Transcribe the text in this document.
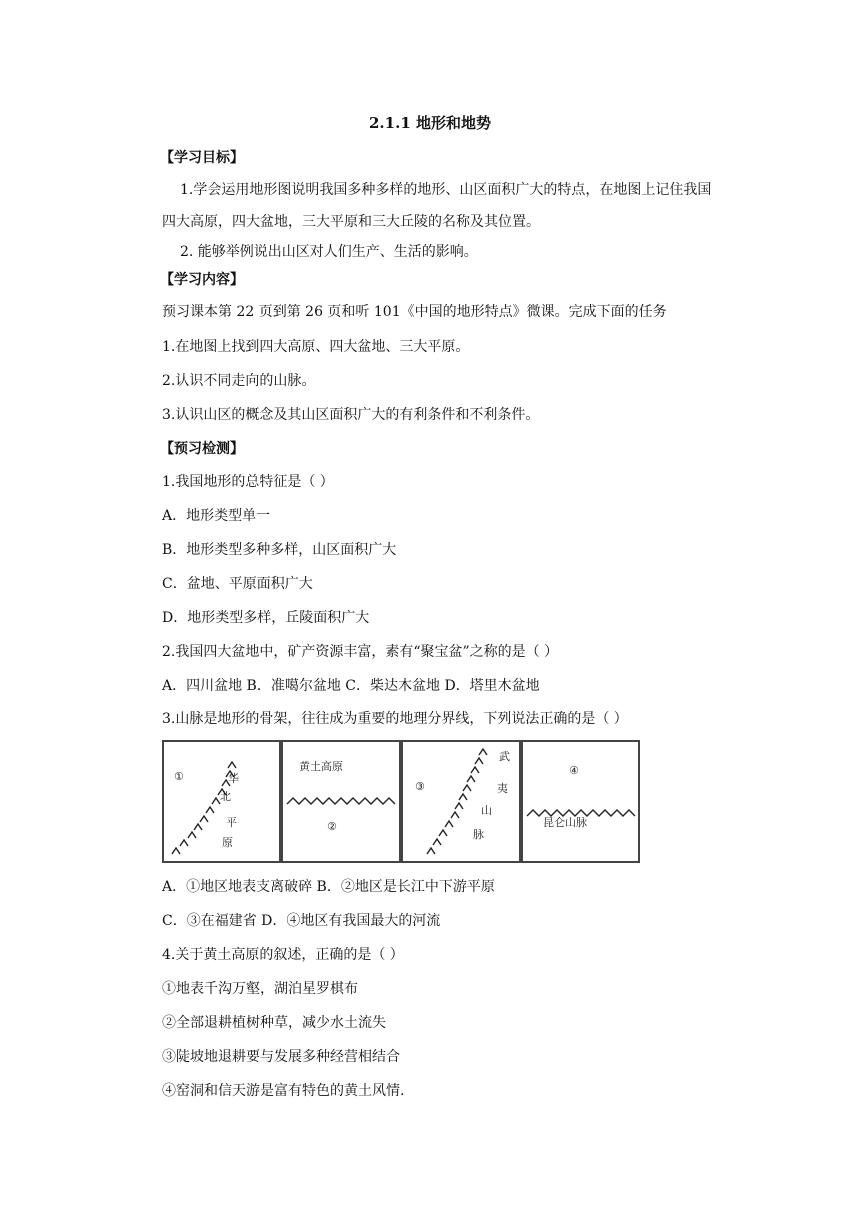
2.1.1 地形和地势
【学习目标】
1.学会运用地形图说明我国多种多样的地形、山区面积广大的特点，在地图上记住我国
四大高原，四大盆地，三大平原和三大丘陵的名称及其位置。
2. 能够举例说出山区对人们生产、生活的影响。
【学习内容】
预习课本第 22 页到第 26 页和听 101《中国的地形特点》微课。完成下面的任务
1.在地图上找到四大高原、四大盆地、三大平原。
2.认识不同走向的山脉。
3.认识山区的概念及其山区面积广大的有利条件和不利条件。
【预习检测】
1.我国地形的总特征是（ ）
A．地形类型单一
B．地形类型多种多样，山区面积广大
C．盆地、平原面积广大
D．地形类型多样，丘陵面积广大
2.我国四大盆地中，矿产资源丰富，素有“聚宝盆”之称的是（ ）
A．四川盆地 B．准噶尔盆地 C．柴达木盆地 D．塔里木盆地
3.山脉是地形的骨架，往往成为重要的地理分界线，下列说法正确的是（ ）
①	华
北
平
原
黄土高原
②
③
武
夷
山
脉
④
昆仑山脉
A．①地区地表支离破碎 B．②地区是长江中下游平原
C．③在福建省 D．④地区有我国最大的河流
4.关于黄土高原的叙述，正确的是（ ）
①地表千沟万壑，湖泊星罗棋布
②全部退耕植树种草，减少水土流失
③陡坡地退耕要与发展多种经营相结合
④窑洞和信天游是富有特色的黄土风情.
